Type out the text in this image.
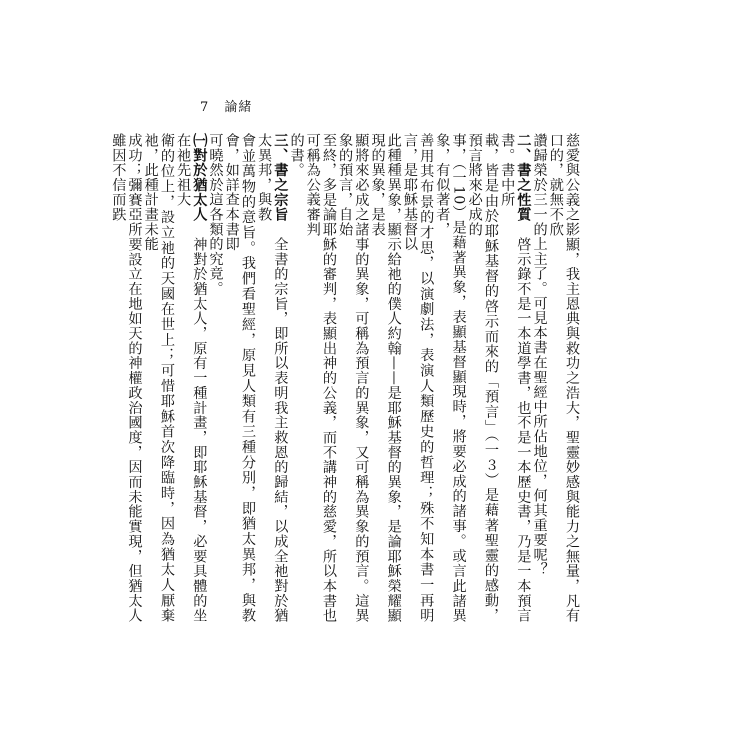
7 論緒

慈愛與公義之影顯，我主恩典與救功之浩大，聖靈妙感與能力之無量，凡有口的，就無不欣

讚歸榮於三一的上主了。可見本書在聖經中所佔地位，何其重要呢？

二、書之性質　啓示錄不是一本道學書，也不是一本歷史書，乃是一本預言書。書中所

載，皆是由於耶穌基督的啓示而來的「預言」（一３）是藉著聖靈的感動，預言將來必成的

事，（一10）是藉著異象，表顯基督顯現時，將要必成的諸事。或言此諸異象，有似著者，

善用其布景的才思，以演劇法，表演人類歷史的哲理；殊不知本書一再明言，是耶穌基督以

此種種異象，顯示給祂的僕人約翰——是耶穌基督的異象，是論耶穌榮耀顯現的異象，是表

顯將來必成之諸事的異象，可稱為預言的異象，又可稱為異象的預言。這異象的預言，自始

至終，多是論耶穌的審判，表顯出神的公義，而不講神的慈愛，所以本書也可稱為公義審判

的書。

三、書之宗旨　全書的宗旨，即所以表明我主救恩的歸結，以成全祂對於猶太異邦，與教

會並萬物的意旨。我們看聖經，原見人類有三種分別，即猶太異邦，與教會，如詳查本書即

可曉然於這各類的究竟。

㈠對於猶太人　神對於猶太人，原有一種計畫，即耶穌基督，必要具體的坐在祂先祖大

衛的位上，設立祂的天國在世上；可惜耶穌首次降臨時，因為猶太人厭棄祂，此種計畫未能

成功；彌賽亞所要設立在地如天的神權政治國度，因而未能實現，但猶太人雖因不信而跌
